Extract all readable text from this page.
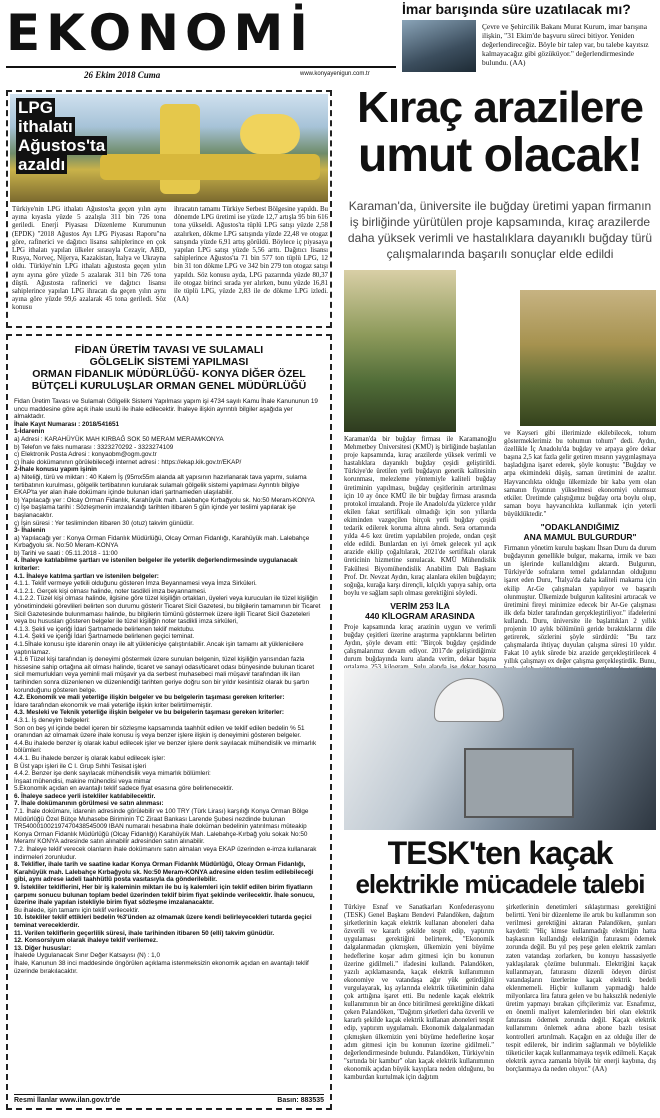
EKONOMİ
26 Ekim 2018 Cuma	www.konyayenigun.com.tr
İmar barışında süre uzatılacak mı?
Çevre ve Şehircilik Bakanı Murat Kurum, imar barışına ilişkin, "31 Ekim'de başvuru süreci bitiyor. Yeniden değerlendireceğiz. Böyle bir talep var, bu talebe kayıtsız kalmayacağız gibi gözüküyor." değerlendirmesinde bulundu. (AA)
LPG
ithalatı
Ağustos'ta
azaldı
Türkiye'nin LPG ithalatı Ağustos'ta geçen yılın aynı ayına kıyasla yüzde 5 azalışla 311 bin 726 tona geriledi. Enerji Piyasası Düzenleme Kurumunun (EPDK) "2018 Ağustos Ayı LPG Piyasası Raporu"na göre, rafinerici ve dağıtıcı lisansı sahiplerince en çok LPG ithalatı yapılan ülkeler sırasıyla Cezayir, ABD, Rusya, Norveç, Nijerya, Kazakistan, İtalya ve Ukrayna oldu. Türkiye'nin LPG ithalatı ağustosta geçen yılın aynı ayına göre yüzde 5 azalarak 311 bin 726 tona düştü. Ağustosta rafinerici ve dağıtıcı lisansı sahiplerince yapılan LPG ihracatı da geçen yılın aynı ayına göre yüzde 99,6 azalarak 45 tona geriledi. Söz konusu
ihracatın tamamı Türkiye Serbest Bölgesine yapıldı. Bu dönemde LPG üretimi ise yüzde 12,7 artışla 95 bin 616 tona yükseldi. Ağustos'ta tüplü LPG satışı yüzde 2,58 azalırken, dökme LPG satışında yüzde 22,48 ve otogaz satışında yüzde 6,91 artış görüldü. Böylece iç piyasaya yapılan LPG satışı yüzde 5,56 arttı. Dağıtıcı lisansı sahiplerince Ağustos'ta 71 bin 577 ton tüplü LPG, 12 bin 31 ton dökme LPG ve 342 bin 279 ton otogaz satışı yapıldı. Söz konusu ayda, LPG pazarında yüzde 80,37 ile otogaz birinci sırada yer alırken, bunu yüzde 16,81 ile tüplü LPG, yüzde 2,83 ile de dökme LPG izledi. (AA)
FİDAN ÜRETİM TAVASI VE SULAMALI
GÖLGELİK SİSTEMİ YAPILMASI
ORMAN FİDANLIK MÜDÜRLÜĞÜ- KONYA DİĞER ÖZEL
BÜTÇELİ KURULUŞLAR ORMAN GENEL MÜDÜRLÜĞÜ

Fidan Üretim Tavası ve Sulamalı Gölgelik Sistemi Yapılması yapım işi 4734 sayılı Kamu İhale Kanununun 19 uncu maddesine göre açık ihale usulü ile ihale edilecektir. İhaleye ilişkin ayrıntılı bilgiler aşağıda yer almaktadır.

İhale Kayıt Numarası : 2018/541651

1-İdarenin

a) Adresi : KARAHÜYÜK MAH KIRBAĞ SOK 50 MERAM MERAM/KONYA

b) Telefon ve faks numarası : 3323270292 - 3323274109

c) Elektronik Posta Adresi : konyaobm@ogm.gov.tr

ç) İhale dokümanının görülebileceği internet adresi : https://ekap.kik.gov.tr/EKAP/

2-İhale konusu yapım işinin

a) Niteliği, türü ve miktarı : 40 Kalem İş (95mx55m alanda alt yapısının hazırlanarak tava yapımı, sulama tertibatının kurulması, gölgelik tertibatının kurularak sulamalı gölgelik sistemi yapılması Ayrıntılı bilgiye EKAP'ta yer alan ihale dokümanı içinde bulunan idari şartnameden ulaşılabilir.

b) Yapılacağı yer : Olcay Orman Fidanlık, Karahüyük mah. Lalebahçe Kırbağyolu sk. No:50 Meram-KONYA

c) İşe başlama tarihi : Sözleşmenin imzalandığı tarihten itibaren 5 gün içinde yer teslimi yapılarak işe başlanacaktır.

ç) İşin süresi : Yer tesliminden itibaren 30 (otuz) takvim günüdür.

3- İhalenin

a) Yapılacağı yer : Konya Orman Fidanlık Müdürlüğü, Olcay Orman Fidanlığı, Karahüyük mah. Lalebahçe Kırbağyolu sk. No:50 Meram-KONYA

b) Tarihi ve saati : 05.11.2018 - 11:00

4. İhaleye katılabilme şartları ve istenilen belgeler ile yeterlik değerlendirmesinde uygulanacak kriterler:

4.1. İhaleye katılma şartları ve istenilen belgeler:

4.1.1. Teklif vermeye yetkili olduğunu gösteren İmza Beyannamesi veya İmza Sirküleri.

4.1.2.1. Gerçek kişi olması halinde, noter tasdikli imza beyannamesi.

4.1.2.2. Tüzel kişi olması halinde, ilgisine göre tüzel kişiliğin ortakları, üyeleri veya kurucuları ile tüzel kişiliğin yönetimindeki görevlileri belirten son durumu gösterir Ticaret Sicil Gazetesi, bu bilgilerin tamamının bir Ticaret Sicil Gazetesinde bulunmaması halinde, bu bilgilerin tümünü göstermek üzere ilgili Ticaret Sicil Gazeteleri veya bu hususları gösteren belgeler ile tüzel kişiliğin noter tasdikli imza sirküleri,

4.1.3. Şekli ve içeriği İdari Şartnamede belirlenen teklif mektubu.

4.1.4. Şekli ve içeriği İdari Şartnamede belirlenen geçici teminat.

4.1.5İhale konusu işte idarenin onayı ile alt yükleniciye çalıştırılabilir. Ancak işin tamamı alt yüklenicilere yaptırılamaz.

4.1.6 Tüzel kişi tarafından iş deneyimi göstermek üzere sunulan belgenin, tüzel kişiliğin yarısından fazla hissesine sahip ortağına ait olması halinde, ticaret ve sanayi odası/ticaret odası bünyesinde bulunan ticaret sicil memurlukları veya yeminli mali müşavir ya da serbest muhasebeci mali müşavir tarafından ilk ilan tarihinden sonra düzenlenen ve düzenlendiği tarihten geriye doğru son bir yıldır kesintisiz olarak bu şartın korunduğunu gösteren belge.

4.2. Ekonomik ve mali yeterliğe ilişkin belgeler ve bu belgelerin taşıması gereken kriterler:

İdare tarafından ekonomik ve mali yeterliğe ilişkin kriter belirtilmemiştir.

4.3. Mesleki ve Teknik yeterliğe ilişkin belgeler ve bu belgelerin taşıması gereken kriterler:

4.3.1. İş deneyim belgeleri:

Son on beş yıl içinde bedel içeren bir sözleşme kapsamında taahhüt edilen ve teklif edilen bedelin % 51 oranından az olmamak üzere ihale konusu iş veya benzer işlere ilişkin iş deneyimini gösteren belgeler.

4.4.Bu ihalede benzer iş olarak kabul edilecek işler ve benzer işlere denk sayılacak mühendislik ve mimarlık bölümleri:

4.4.1. Bu ihalede benzer iş olarak kabul edilecek işler:

B Üst yapı işleri ile C I. Grup Sıhhi Tesisat işleri

4.4.2. Benzer işe denk sayılacak mühendislik veya mimarlık bölümleri:

İnşaat mühendisi, makine mühendisi veya mimar

5.Ekonomik açıdan en avantajlı teklif sadece fiyat esasına göre belirlenecektir.

6. İhaleye sadece yerli istekliler katılabilecektir.

7. İhale dokümanının görülmesi ve satın alınması:

7.1. İhale dokümanı, idarenin adresinde görülebilir ve 100 TRY (Türk Lirası) karşılığı Konya Orman Bölge Müdürlüğü Özel Bütçe Muhasebe Biriminin TC Ziraat Bankası Larende Şubesi nezdinde bulunan TR540001002197470438545009 IBAN numaralı hesabına ihale doküman bedelinin yatırılması müteakip Konya Orman Fidanlık Müdürlüğü (Olcay Fidanlığı) Karahüyük Mah. Lalebahçe-Kırbağ yolu sokak No:50 Meram/ KONYA adresinde satın alınabilir adresinden satın alınabilir.

7.2. İhaleye teklif verecek olanların ihale dokümanını satın almaları veya EKAP üzerinden e-imza kullanarak indirmeleri zorunludur.

8. Teklifler, ihale tarih ve saatine kadar Konya Orman Fidanlık Müdürlüğü, Olcay Orman Fidanlığı, Karahüyük mah. Lalebahçe Kırbağyolu sk. No:50 Meram-KONYA adresine elden teslim edilebileceği gibi, aynı adrese iadeli taahhütlü posta vasıtasıyla da gönderilebilir.

9. İstekliler tekliflerini, Her bir iş kaleminin miktarı ile bu iş kalemleri için teklif edilen birim fiyatların çarpımı sonucu bulunan toplam bedel üzerinden teklif birim fiyat şeklinde verilecektir. İhale sonucu, üzerine ihale yapılan istekliyle birim fiyat sözleşme imzalanacaktır.

Bu ihalede, işin tamamı için teklif verilecektir.

10. İstekliler teklif ettikleri bedelin %3'ünden az olmamak üzere kendi belirleyecekleri tutarda geçici teminat vereceklerdir.

11. Verilen tekliflerin geçerlilik süresi, ihale tarihinden itibaren 50 (elli) takvim günüdür.

12. Konsorsiyum olarak ihaleye teklif verilemez.

13. Diğer hususlar:

İhalede Uygulanacak Sınır Değer Katsayısı (N) : 1,0

İhale, Kanunun 38 inci maddesinde öngörülen açıklama istenmeksizin ekonomik açıdan en avantajlı teklif üzerinde bırakılacaktır.

Resmi İlanlar www.ilan.gov.tr'de	Basın: 883535
Kıraç arazilere
umut olacak!
Karaman'da, üniversite ile buğday üretimi yapan firmanın iş birliğinde yürütülen proje kapsamında, kıraç arazilerde daha yüksek verimli ve hastalıklara dayanıklı buğday türü çalışmalarında başarılı sonuçlar elde edildi
Karaman'da bir buğday firması ile Karamanoğlu Mehmetbey Üniversitesi (KMÜ) iş birliğinde başlatılan proje kapsamında, kıraç arazilerde yüksek verimli ve hastalıklara dayanıklı buğday çeşidi geliştirildi. Türkiye'de üretilen yerli buğdayın genetik kalitesinin korunması, melezleme yöntemiyle kaliteli buğday üretiminin yapılması, buğday çeşitlerinin artırılması için 10 ay önce KMÜ ile bir buğday firması arasında protokol imzalandı. Proje ile Anadolu'da yüzlerce yıldır ekilen fakat sertifikalı olmadığı için son yıllarda ekiminden vazgeçilen birçok yerli buğday çeşidi tedarik edilerek koruma altına alındı. Sera ortamında yılda 4-6 kez üretim yapılabilen projede, ondan çeşit elde edildi. Bunlardan en iyi örnek gelecek yıl açık arazide ekilip çoğaltılarak, 2021'de sertifikalı olarak üreticinin hizmetine sunulacak. KMÜ Mühendislik Fakültesi Biyomühendislik Anabilim Dalı Başkanı Prof. Dr. Nevzat Aydın, kıraç alanlara ekilen buğdayın; soğuğa, kurağa karşı dirençli, kılçıklı yapıya sahip, orta boylu ve sağlam saplı olması gerektiğini söyledi.
VERİM 253 İLA
440 KİLOGRAM ARASINDA
Proje kapsamında kıraç arazinin uygun ve verimli buğday çeşitleri üzerine araştırma yaptıklarını belirten Aydın, şöyle devam etti: "Birçok buğday çeşidinde çalışmalarımız devam ediyor. 2017'de geliştirdiğimiz durum buğdayında kuru alanda verim, dekar başına
ve Kayseri gibi illerimizde ekilebilecek, tohum göstermeklerimiz bu tohumun tohum" dedi. Aydın, özellikle İç Anadolu'da buğday ve arpaya göre dekar başına 2,5 kat fazla gelir getiren mısırın yaygınlaşmaya başladığına işaret ederek, şöyle konuştu: "Buğday ve arpa ekimindeki düşüş, saman üretimini de azaltır. Hayvancılıkta olduğu ülkemizde bir kaba yem olan samanın fiyatının yükselmesi ekonomiyi olumsuz etkiler. Üretimde çalıştığımız buğday orta boylu olup, saman boyu hayvancılıkta kullanmak için yeterli büyüklüktedir."
"ODAKLANDIĞIMIZ
ANA MAMUL BULGURDUR"
Firmanın yönetim kurulu başkanı İhsan Duru da durum buğdayının genellikle bulgur, makarna, irmik ve bazı un işlerinde kullanıldığını aktardı. Bulgurun, Türkiye'de sofraların temel gıdalarından olduğunu işaret eden Duru, "İtalya'da daha kaliteli makarna için ekilip Ar-Ge çalışmaları yapılıyor ve başarılı olunmuştur. Ülkemizde bulgurun kalitesini artıracak ve üretimini fireyi minimize edecek bir Ar-Ge çalışması ilk defa bizler tarafından gerçekleştiriliyor." ifadelerini kullandı. Duru, üniversite ile başlattıkları 2 yıllık projenin 10 aylık bölümünü geride bıraktıklarını dile getirerek, sözlerini şöyle sürdürdü: "Bu tarz çalışmalarda ihtiyaç duyulan çalışma süresi 10 yıldır. Fakat 10 aylık sürede biz arazide gerçekleştirilecek 4 yıllık çalışmayı ex değer çalışma gerçekleştirdik. Bunu,
TESK'ten kaçak
elektrikle mücadele talebi
Türkiye Esnaf ve Sanatkarları Konfederasyonu (TESK) Genel Başkanı Bendevi Palandöken, dağıtım şirketlerinin kaçak elektrik kullanan aboneleri daha özverili ve kararlı şekilde tespit edip, yaptırım uygulaması gerektiğini belirterek, "Ekonomik dalgalanmadan çıkmışken, ülkemizin yeni büyüme hedeflerine koşar adım gitmesi için bu konunun üzerine gidilmeli." ifadesini kullandı. Palandöken, yazılı açıklamasında, kaçak elektrik kullanımının ekonomiye ve vatandaşa ağır yük getirdiğini vurgulayarak, kış aylarında elektrik tüketiminin daha çok arttığına işaret etti. Bu nedenle kaçak elektrik kullanımının bir an önce bitirilmesi gerektiğine dikkati çeken Palandöken, "Dağıtım şirketleri daha özverili ve kararlı şekilde kaçak elektrik kullanan aboneleri tespit edip, yaptırım uygulamalı. Ekonomik dalgalanmadan çıkmışken ülkemizin yeni büyüme hedeflerine koşar adım gitmesi için bu konunun üzerine gidilmeli." değerlendirmesinde bulundu. Palandöken, Türkiye'nin "sırtında bir kambur" olan kaçak elektrik kullanımının ekonomik açıdan büyük kayıplara neden olduğunu, bu kamburdan kurtulmak için dağıtım
şirketlerinin denetimleri sıklaştırması gerektiğini belirtti. Yeni bir düzenleme ile artık bu kullanımın son verilmesi gerektiğini aktaran Palandöken, şunları kaydetti: "Hiç kimse kullanmadığı elektriğin hatta başkasının kullandığı elektriğin faturasını ödemek zorunda değil. Bu yıl peş peşe gelen elektrik zamları zaten vatandaşı zorlarken, bu konuyu hassasiyetle yaklaşılarak çözüme bulunmalı. Elektriğini kaçak kullanmayan, faturasını düzenli ödeyen dürüst vatandaşların üzerlerine kaçak elektrik bedeli eklenmemeli. Hiçbir kullanım yapmadığı halde milyonlarca lira fatura gelen ve bu haksızlık nedeniyle üretim yapmayı bırakan çiftçilerimiz var. Esnafımız, en önemli maliyet kalemlerinden biri olan elektrik faturasını ödemek zorunda değil. Kaçak elektrik kullanımını önlemek adına abone bazlı tesisat kontrolleri artırılmalı. Kaçağın en az olduğu iller de tespit edilerek, bir indirim sağlanmalı ve böylelikle tüketiciler kaçak kullanmamaya teşvik edilmeli. Kaçak elektrik ayrıca zamanla büyük bir enerji kaybına, dış borçlanmaya da neden oluyor." (AA)
